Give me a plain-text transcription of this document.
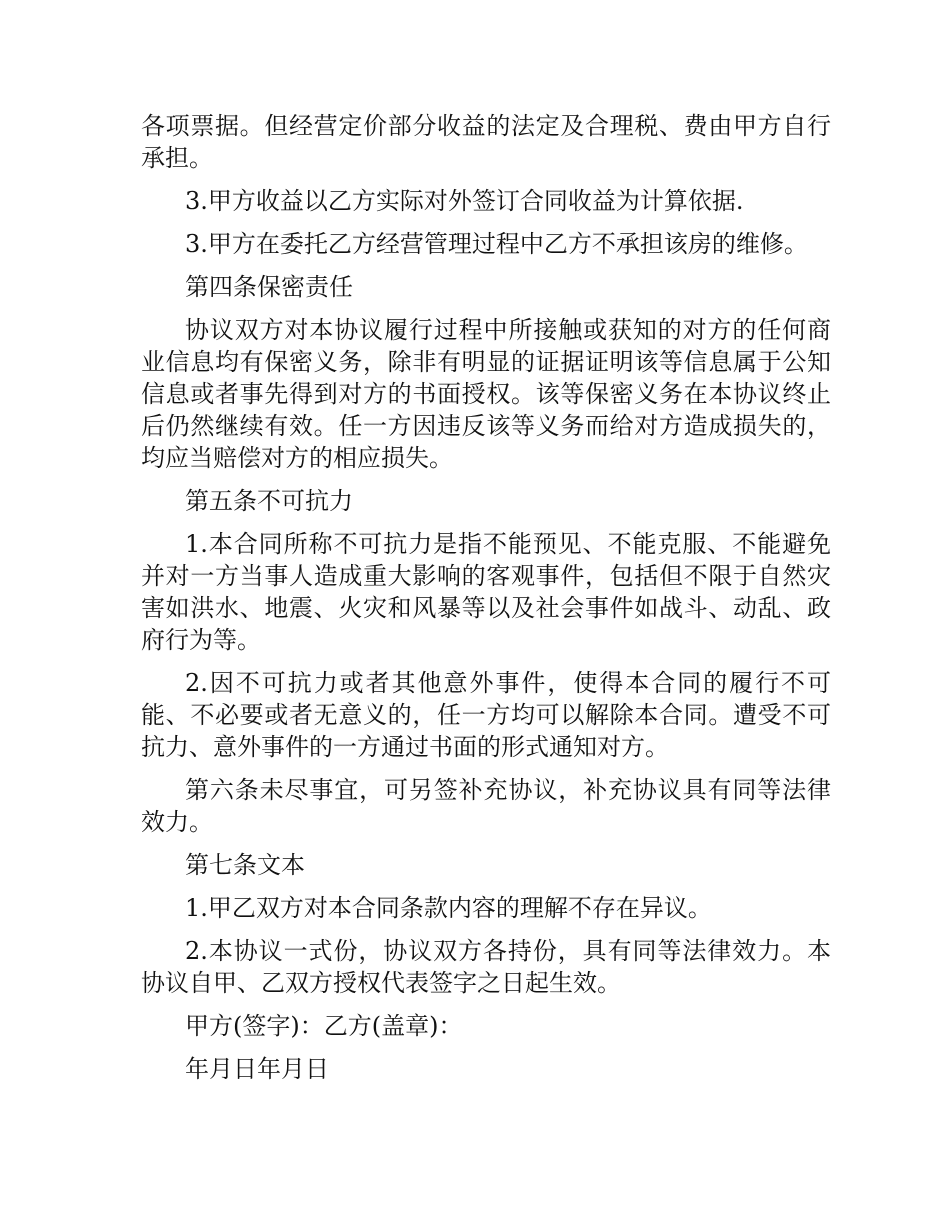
各项票据。但经营定价部分收益的法定及合理税、费由甲方自行承担。

3.甲方收益以乙方实际对外签订合同收益为计算依据.

3.甲方在委托乙方经营管理过程中乙方不承担该房的维修。

第四条保密责任

协议双方对本协议履行过程中所接触或获知的对方的任何商业信息均有保密义务，除非有明显的证据证明该等信息属于公知信息或者事先得到对方的书面授权。该等保密义务在本协议终止后仍然继续有效。任一方因违反该等义务而给对方造成损失的，均应当赔偿对方的相应损失。

第五条不可抗力

1.本合同所称不可抗力是指不能预见、不能克服、不能避免并对一方当事人造成重大影响的客观事件，包括但不限于自然灾害如洪水、地震、火灾和风暴等以及社会事件如战斗、动乱、政府行为等。

2.因不可抗力或者其他意外事件，使得本合同的履行不可能、不必要或者无意义的，任一方均可以解除本合同。遭受不可抗力、意外事件的一方通过书面的形式通知对方。

第六条未尽事宜，可另签补充协议，补充协议具有同等法律效力。

第七条文本

1.甲乙双方对本合同条款内容的理解不存在异议。

2.本协议一式份，协议双方各持份，具有同等法律效力。本协议自甲、乙双方授权代表签字之日起生效。

甲方(签字)：乙方(盖章)：

年月日年月日
